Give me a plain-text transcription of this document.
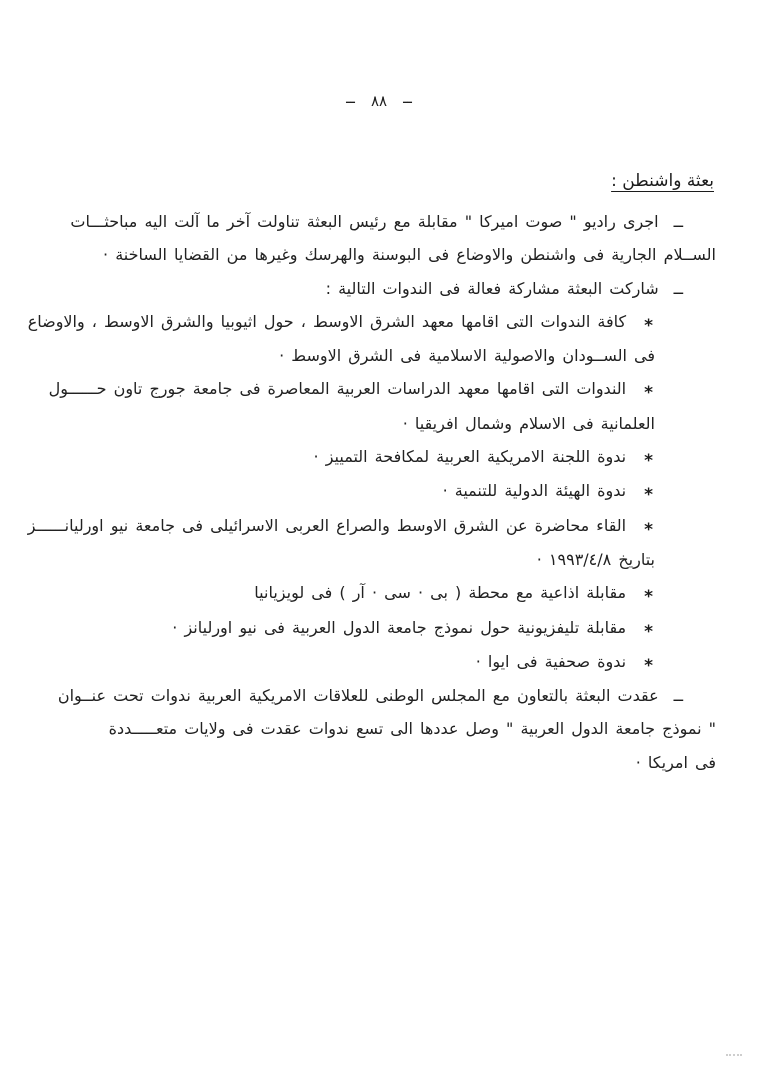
ــ٨٨ــ
بعثة واشنطن :
ــاجرى راديو " صوت اميركا " مقابلة مع رئيس البعثة تناولت آخر ما آلت اليه مباحثـــات
الســلام الجارية فى واشنطن والاوضاع فى البوسنة والهرسك وغيرها من القضايا الساخنة ·
ــشاركت البعثة مشاركة فعالة فى الندوات التالية :
*كافة الندوات التى اقامها معهد الشرق الاوسط ، حول اثيوبيا والشرق الاوسط ، والاوضاع
فى الســودان والاصولية الاسلامية فى الشرق الاوسط ·
*الندوات التى اقامها معهد الدراسات العربية المعاصرة فى جامعة جورج تاون حــــــول
العلمانية فى الاسلام وشمال افريقيا ·
*ندوة اللجنة الامريكية العربية لمكافحة التمييز ·
*ندوة الهيئة الدولية للتنمية ·
*القاء محاضرة عن الشرق الاوسط والصراع العربى الاسرائيلى فى جامعة نيو اورليانــــــز
بتاريخ ١٩٩٣/٤/٨ ·
*مقابلة اذاعية مع محطة ( بى · سى · آر ) فى لويزيانيا
*مقابلة تليفزيونية حول نموذج جامعة الدول العربية فى نيو اورليانز ·
*ندوة صحفية فى ايوا ·
ــعقدت البعثة بالتعاون مع المجلس الوطنى للعلاقات الامريكية العربية ندوات تحت عنــوان
" نموذج جامعة الدول العربية " وصل عددها الى تسع ندوات عقدت فى ولايات متعـــــددة
فى امريكا ·
